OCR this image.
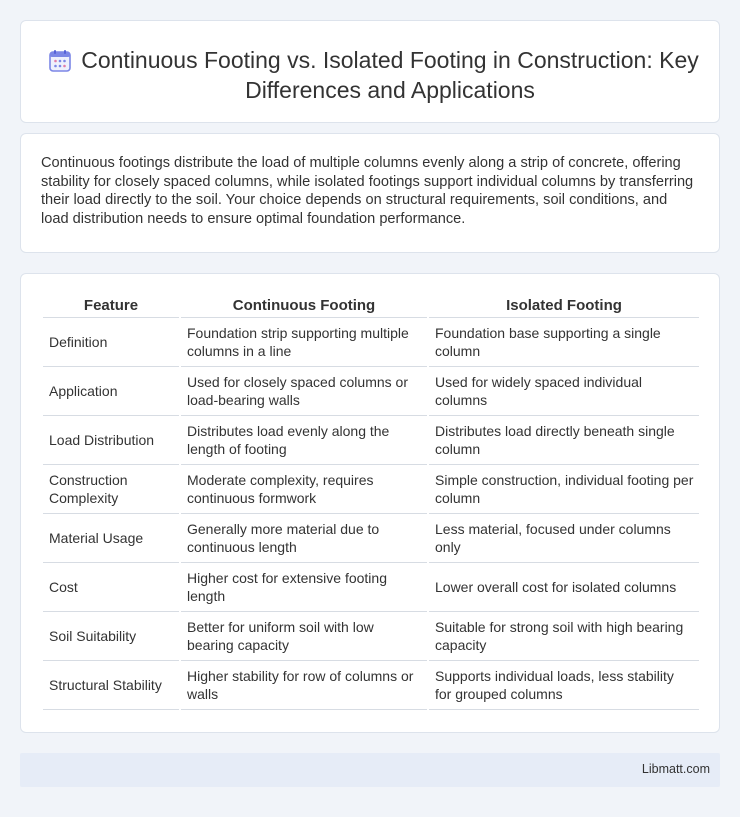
Continuous Footing vs. Isolated Footing in Construction: Key Differences and Applications

Continuous footings distribute the load of multiple columns evenly along a strip of concrete, offering stability for closely spaced columns, while isolated footings support individual columns by transferring their load directly to the soil. Your choice depends on structural requirements, soil conditions, and load distribution needs to ensure optimal foundation performance.

Feature	Continuous Footing	Isolated Footing
Definition	Foundation strip supporting multiple columns in a line	Foundation base supporting a single column
Application	Used for closely spaced columns or load-bearing walls	Used for widely spaced individual columns
Load Distribution	Distributes load evenly along the length of footing	Distributes load directly beneath single column
Construction Complexity	Moderate complexity, requires continuous formwork	Simple construction, individual footing per column
Material Usage	Generally more material due to continuous length	Less material, focused under columns only
Cost	Higher cost for extensive footing length	Lower overall cost for isolated columns
Soil Suitability	Better for uniform soil with low bearing capacity	Suitable for strong soil with high bearing capacity
Structural Stability	Higher stability for row of columns or walls	Supports individual loads, less stability for grouped columns
Libmatt.com
